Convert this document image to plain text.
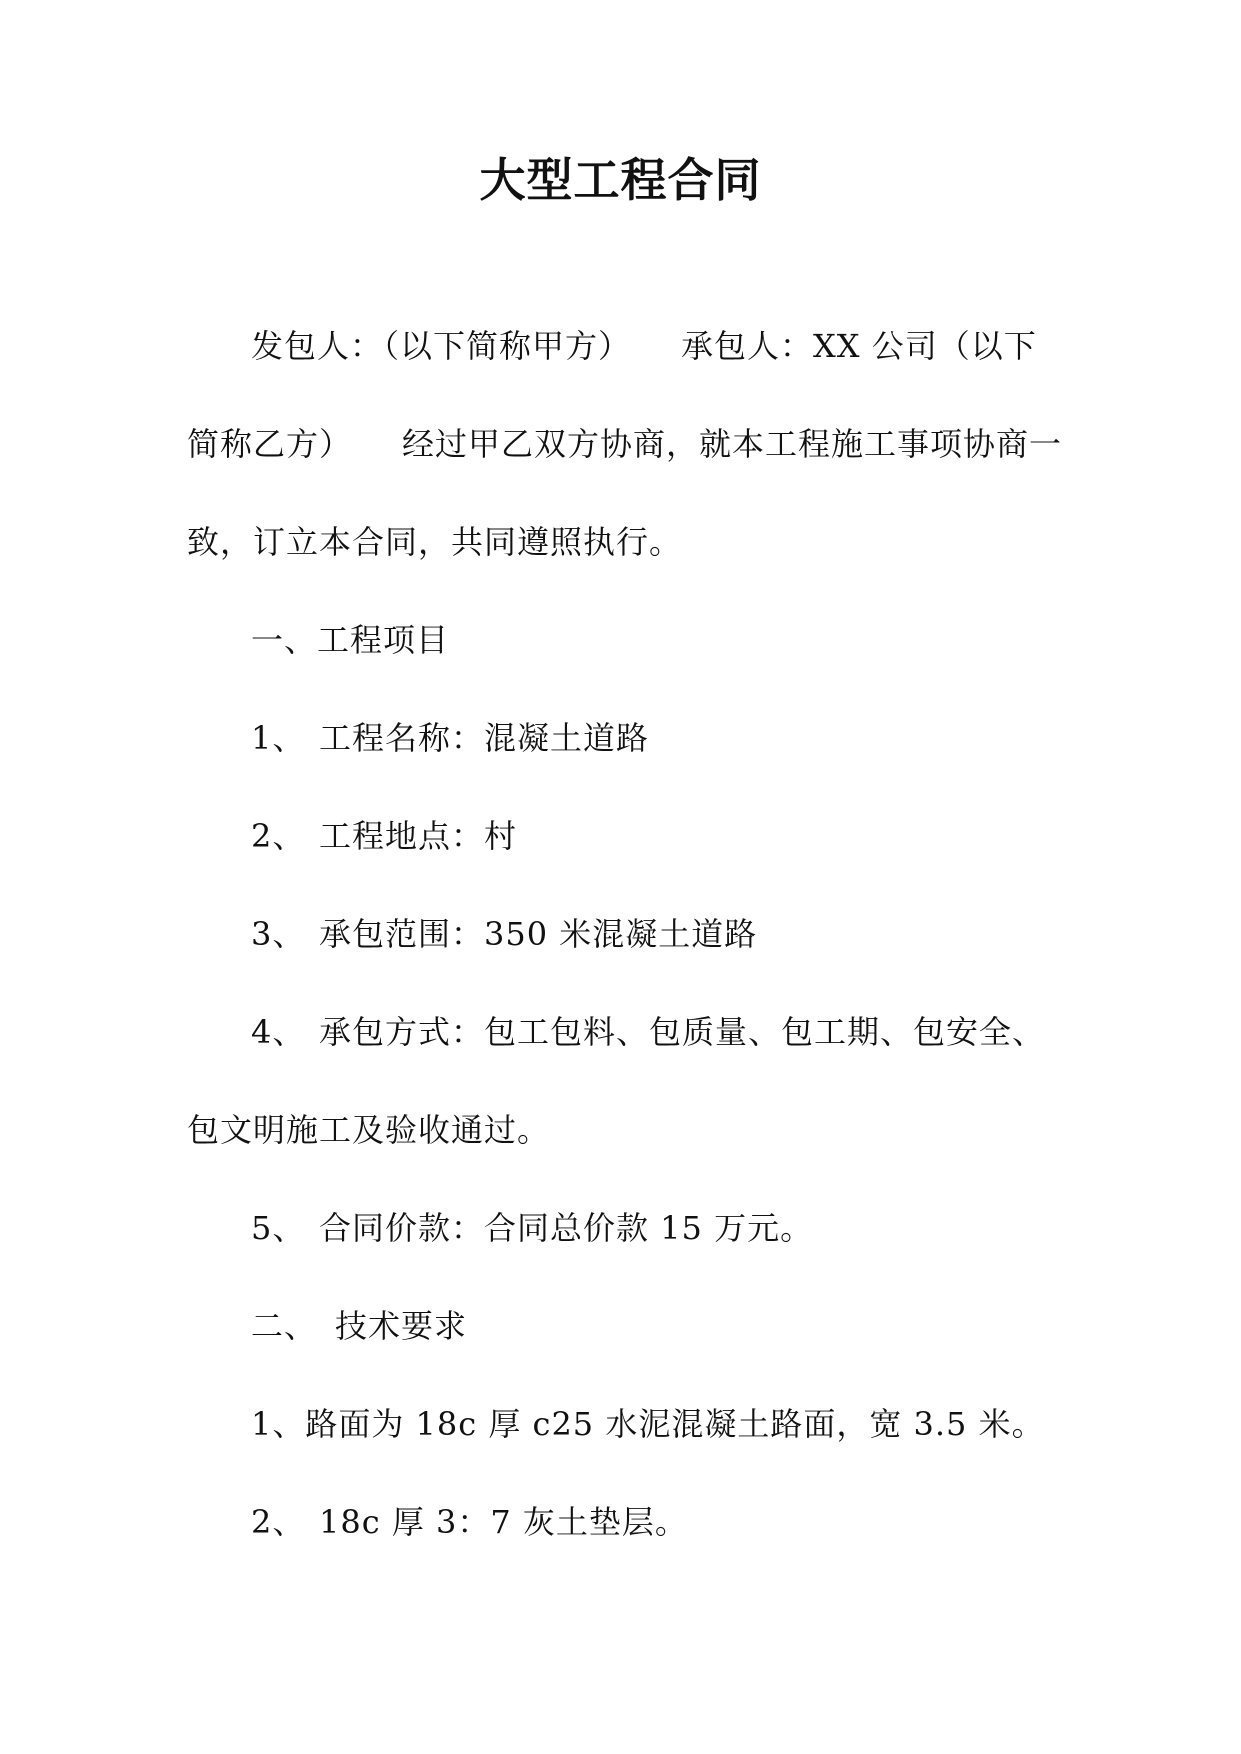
大型工程合同

发包人：（以下简称甲方）　　承包人：XX 公司（以下简称乙方）　　经过甲乙双方协商，就本工程施工事项协商一致，订立本合同，共同遵照执行。

一、工程项目

1、 工程名称：混凝土道路

2、 工程地点：村

3、 承包范围：350 米混凝土道路

4、 承包方式：包工包料、包质量、包工期、包安全、包文明施工及验收通过。

5、 合同价款：合同总价款 15 万元。

二、 技术要求

1、路面为 18c 厚 c25 水泥混凝土路面，宽 3.5 米。

2、 18c 厚 3：7 灰土垫层。
